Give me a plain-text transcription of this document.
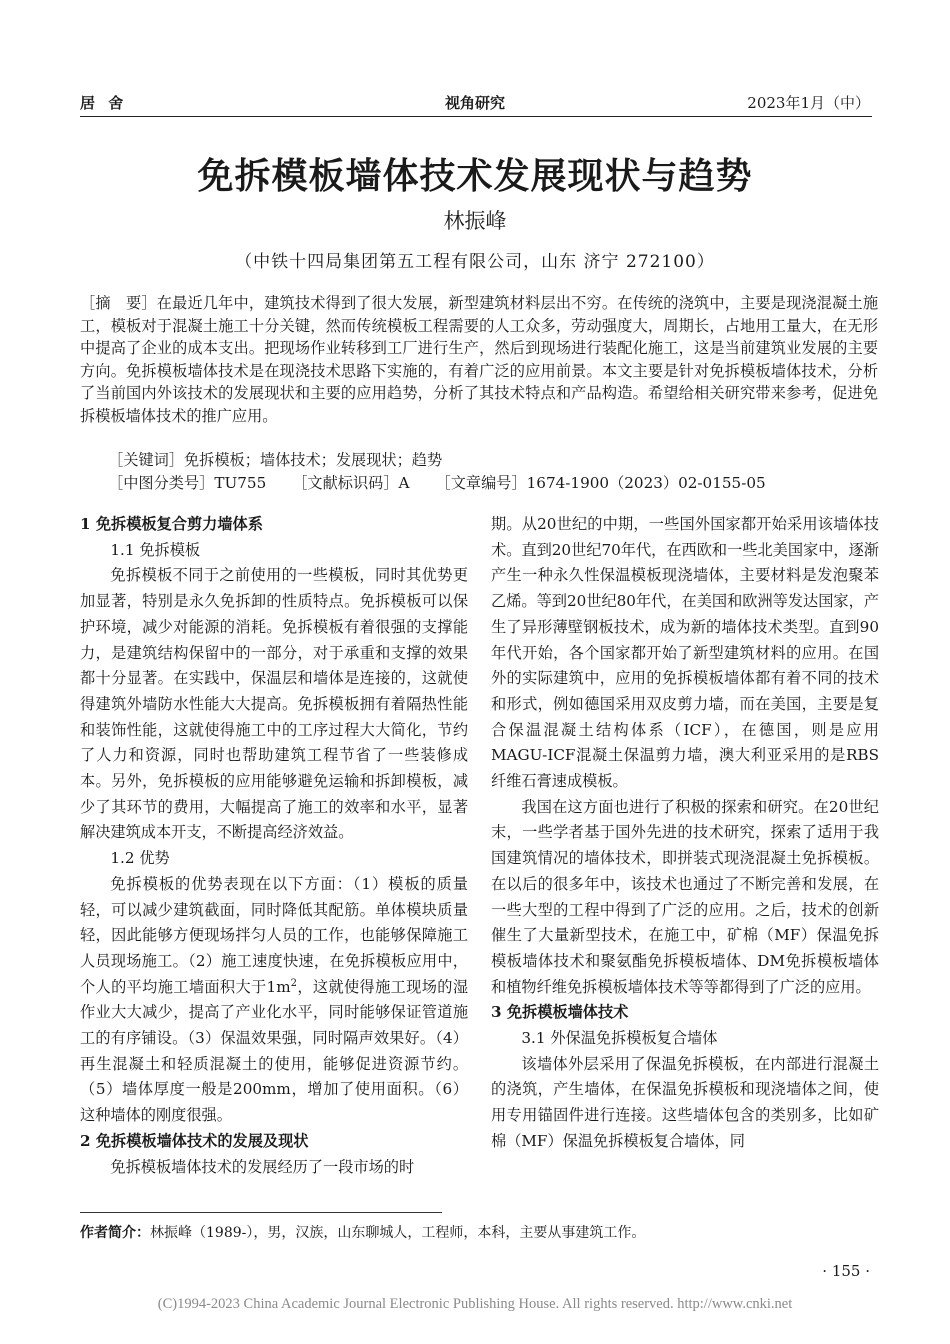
居 舍	视角研究	2023年1月（中）
免拆模板墙体技术发展现状与趋势
林振峰
（中铁十四局集团第五工程有限公司，山东 济宁 272100）
［摘　要］在最近几年中，建筑技术得到了很大发展，新型建筑材料层出不穷。在传统的浇筑中，主要是现浇混凝土施工，模板对于混凝土施工十分关键，然而传统模板工程需要的人工众多，劳动强度大，周期长，占地用工量大，在无形中提高了企业的成本支出。把现场作业转移到工厂进行生产，然后到现场进行装配化施工，这是当前建筑业发展的主要方向。免拆模板墙体技术是在现浇技术思路下实施的，有着广泛的应用前景。本文主要是针对免拆模板墙体技术，分析了当前国内外该技术的发展现状和主要的应用趋势，分析了其技术特点和产品构造。希望给相关研究带来参考，促进免拆模板墙体技术的推广应用。
［关键词］免拆模板；墙体技术；发展现状；趋势
［中图分类号］TU755 ［文献标识码］A ［文章编号］1674-1900（2023）02-0155-05
1 免拆模板复合剪力墙体系
1.1 免拆模板

免拆模板不同于之前使用的一些模板，同时其优势更加显著，特别是永久免拆卸的性质特点。免拆模板可以保护环境，减少对能源的消耗。免拆模板有着很强的支撑能力，是建筑结构保留中的一部分，对于承重和支撑的效果都十分显著。在实践中，保温层和墙体是连接的，这就使得建筑外墙防水性能大大提高。免拆模板拥有着隔热性能和装饰性能，这就使得施工中的工序过程大大简化，节约了人力和资源，同时也帮助建筑工程节省了一些装修成本。另外，免拆模板的应用能够避免运输和拆卸模板，减少了其环节的费用，大幅提高了施工的效率和水平，显著解决建筑成本开支，不断提高经济效益。

1.2 优势

免拆模板的优势表现在以下方面：（1）模板的质量轻，可以减少建筑截面，同时降低其配筋。单体模块质量轻，因此能够方便现场拌匀人员的工作，也能够保障施工人员现场施工。（2）施工速度快速，在免拆模板应用中，个人的平均施工墙面积大于$1m^2$，这就使得施工现场的湿作业大大减少，提高了产业化水平，同时能够保证管道施工的有序铺设。（3）保温效果强，同时隔声效果好。（4）再生混凝土和轻质混凝土的使用，能够促进资源节约。（5）墙体厚度一般是200mm，增加了使用面积。（6）这种墙体的刚度很强。

2 免拆模板墙体技术的发展及现状

免拆模板墙体技术的发展经历了一段市场的时

期。从20世纪的中期，一些国外国家都开始采用该墙体技术。直到20世纪70年代，在西欧和一些北美国家中，逐渐产生一种永久性保温模板现浇墙体，主要材料是发泡聚苯乙烯。等到20世纪80年代，在美国和欧洲等发达国家，产生了异形薄壁钢板技术，成为新的墙体技术类型。直到90年代开始，各个国家都开始了新型建筑材料的应用。在国外的实际建筑中，应用的免拆模板墙体都有着不同的技术和形式，例如德国采用双皮剪力墙，而在美国，主要是复合保温混凝土结构体系（ICF），在德国，则是应用MAGU-ICF混凝土保温剪力墙，澳大利亚采用的是RBS纤维石膏速成模板。

我国在这方面也进行了积极的探索和研究。在20世纪末，一些学者基于国外先进的技术研究，探索了适用于我国建筑情况的墙体技术，即拼装式现浇混凝土免拆模板。在以后的很多年中，该技术也通过了不断完善和发展，在一些大型的工程中得到了广泛的应用。之后，技术的创新催生了大量新型技术，在施工中，矿棉（MF）保温免拆模板墙体技术和聚氨酯免拆模板墙体、DM免拆模板墙体和植物纤维免拆模板墙体技术等等都得到了广泛的应用。

3 免拆模板墙体技术
3.1 外保温免拆模板复合墙体

该墙体外层采用了保温免拆模板，在内部进行混凝土的浇筑，产生墙体，在保温免拆模板和现浇墙体之间，使用专用锚固件进行连接。这些墙体包含的类别多，比如矿棉（MF）保温免拆模板复合墙体，同

作者简介：林振峰（1989-），男，汉族，山东聊城人，工程师，本科，主要从事建筑工作。
· 155 ·
(C)1994-2023 China Academic Journal Electronic Publishing House. All rights reserved. http://www.cnki.net
